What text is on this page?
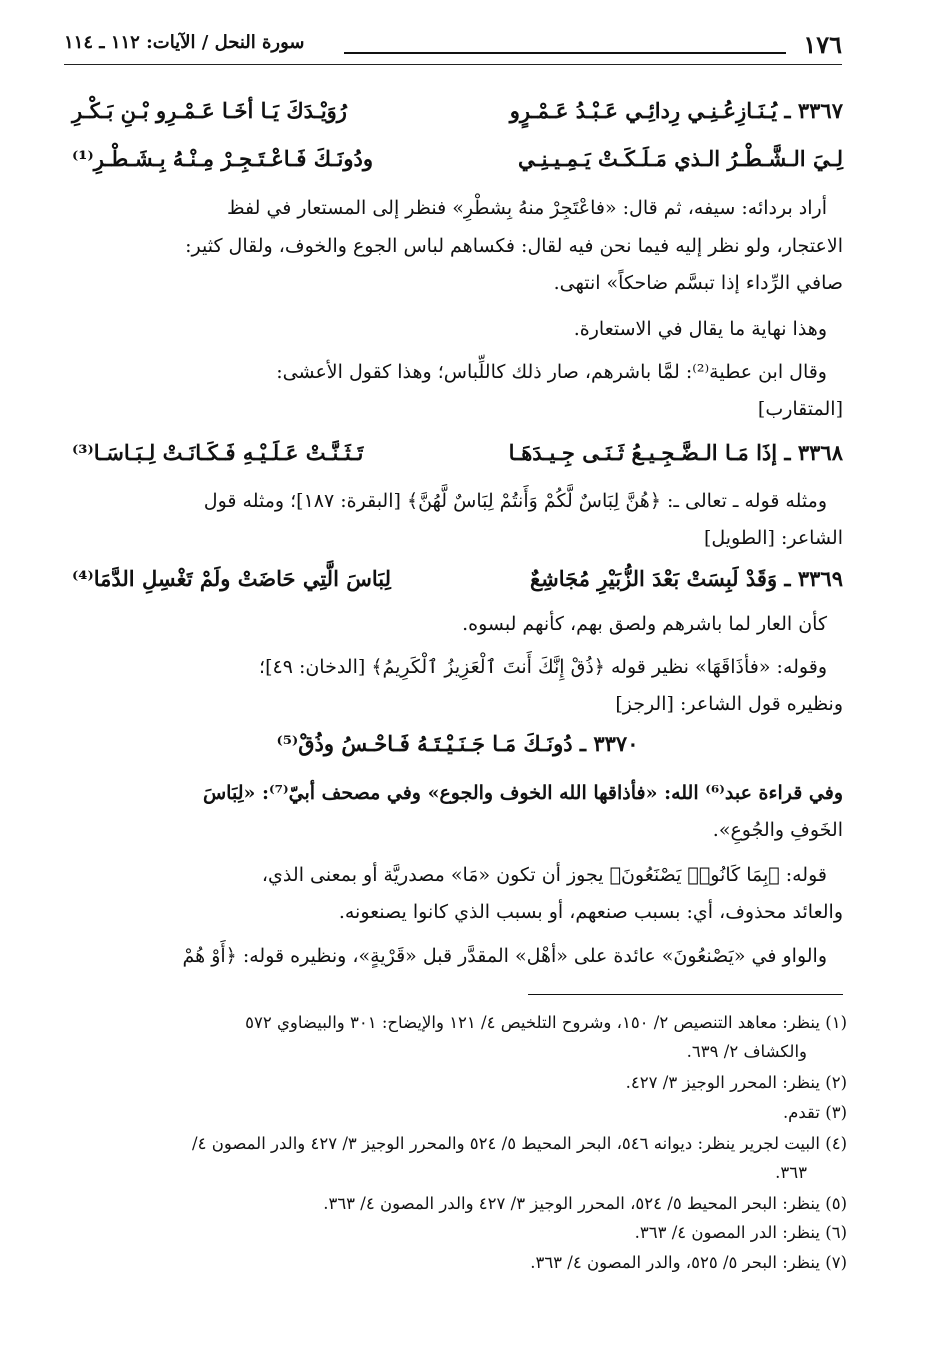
١٧٦
سورة النحل / الآيات: ١١٢ ـ ١١٤
٣٣٦٧ ـ يُـنَـازِعُـنِـي رِدائِـي عَـبْـدُ عَـمْـرٍو
رُوَيْـدَكَ يَـا أخَـا عَـمْـرِو بْـنِ بَـكْـرِ
لِـيَ الـشَّـطْـرُ الـذي مَـلَـكَـتْ يَـمِـيـنِـي
ودُونَـكَ فَـاعْـتَـجِـرْ مِـنْـهُ بِـشَـطْـرِ⁽¹⁾
أراد بردائه: سيفه، ثم قال: «فاعْتَجِرْ منهُ بِشطْرِ» فنظر إلى المستعار في لفظ
الاعتجار، ولو نظر إليه فيما نحن فيه لقال: فكساهم لباس الجوع والخوف، ولقال كثير:
صافي الرِّداء إذا تبسَّم ضاحكاً» انتهى.
وهذا نهاية ما يقال في الاستعارة.
وقال ابن عطية⁽²⁾: لمَّا باشرهم، صار ذلك كاللِّباس؛ وهذا كقول الأعشى:
[المتقارب]
٣٣٦٨ ـ إذَا مَـا الـضَّـجِـيـعُ ثَـنَـى جِـيـدَهَـا
تَـثَـنَّـتْ عَـلَـيْـهِ فَـكَـانَـتْ لِـبَـاسَـا⁽³⁾
ومثله قوله ـ تعالى ـ: ﴿هُنَّ لِبَاسٌ لَّكُمْ وَأَنتُمْ لِبَاسٌ لَّهُنَّ﴾ [البقرة: ١٨٧]؛ ومثله قول
الشاعر: [الطويل]
٣٣٦٩ ـ وَقَدْ لَبِسَتْ بَعْدَ الزُّبَيْرِ مُجَاشِعٌ
لِبَاسَ الَّتِي حَاضَتْ ولَمْ تَغْسِلِ الدَّمَا⁽⁴⁾
كأن العار لما باشرهم ولصق بهم، كأنهم لبسوه.
وقوله: «فأذَاقَهَا» نظير قوله ﴿ذُقْ إِنَّكَ أَنتَ ٱلْعَزِيزُ ٱلْكَرِيمُ﴾ [الدخان: ٤٩]؛
ونظيره قول الشاعر: [الرجز]
٣٣٧٠ ـ دُونَـكَ مَـا جَـنَـيْـتَـهُ فَـاحْـسُ وذُقْ⁽⁵⁾
وفي قراءة عبد⁽⁶⁾ الله: «فأذاقها الله الخوف والجوع» وفي مصحف أبيّ⁽⁷⁾: «لِبَاسَ
الخَوفِ والجُوعِ».
قوله: ﴿بِمَا كَانُوا۟ يَصْنَعُونَ﴾ يجوز أن تكون «مَا» مصدريَّة أو بمعنى الذي،
والعائد محذوف، أي: بسبب صنعهم، أو بسبب الذي كانوا يصنعونه.
والواو في «يَصْنعُونَ» عائدة على «أهْل» المقدَّر قبل «قَرْيةٍ»، ونظيره قوله: ﴿أَوْ هُمْ
(١) ينظر: معاهد التنصيص ٢/ ١٥٠، وشروح التلخيص ٤/ ١٢١ والإيضاح: ٣٠١ والبيضاوي ٥٧٢
والكشاف ٢/ ٦٣٩.
(٢) ينظر: المحرر الوجيز ٣/ ٤٢٧.
(٣) تقدم.
(٤) البيت لجرير ينظر: ديوانه ٥٤٦، البحر المحيط ٥/ ٥٢٤ والمحرر الوجيز ٣/ ٤٢٧ والدر المصون ٤/
٣٦٣.
(٥) ينظر: البحر المحيط ٥/ ٥٢٤، المحرر الوجيز ٣/ ٤٢٧ والدر المصون ٤/ ٣٦٣.
(٦) ينظر: الدر المصون ٤/ ٣٦٣.
(٧) ينظر: البحر ٥/ ٥٢٥، والدر المصون ٤/ ٣٦٣.
